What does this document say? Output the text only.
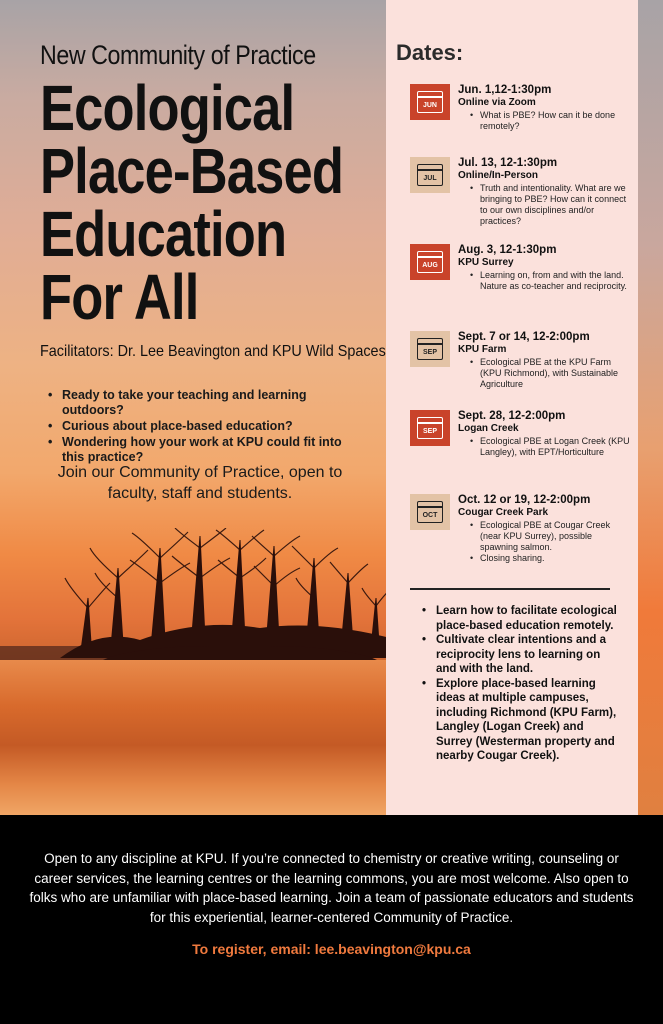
New Community of Practice
Ecological
Place-Based
Education
For All
Facilitators: Dr. Lee Beavington and KPU Wild Spaces
• Ready to take your teaching and learning outdoors?
• Curious about place-based education?
• Wondering how your work at KPU could fit into this practice?
Join our Community of Practice, open to faculty, staff and students.
Dates:
JUN
Jun. 1,12-1:30pm
Online via Zoom
• What is PBE? How can it be done remotely?
JUL
Jul. 13, 12-1:30pm
Online/In-Person
• Truth and intentionality. What are we bringing to PBE? How can it connect to our own disciplines and/or practices?
AUG
Aug. 3, 12-1:30pm
KPU Surrey
• Learning on, from and with the land. Nature as co-teacher and reciprocity.
SEP
Sept. 7 or 14, 12-2:00pm
KPU Farm
• Ecological PBE at the KPU Farm (KPU Richmond), with Sustainable Agriculture
SEP
Sept. 28, 12-2:00pm
Logan Creek
• Ecological PBE at Logan Creek (KPU Langley), with EPT/Horticulture
OCT
Oct. 12 or 19, 12-2:00pm
Cougar Creek Park
• Ecological PBE at Cougar Creek (near KPU Surrey), possible spawning salmon.
• Closing sharing.
• Learn how to facilitate ecological place-based education remotely.
• Cultivate clear intentions and a reciprocity lens to learning on and with the land.
• Explore place-based learning ideas at multiple campuses, including Richmond (KPU Farm), Langley (Logan Creek) and Surrey (Westerman property and nearby Cougar Creek).
Open to any discipline at KPU. If you’re connected to chemistry or creative writing, counseling or career services, the learning centres or the learning commons, you are most welcome. Also open to folks who are unfamiliar with place-based learning. Join a team of passionate educators and students for this experiential, learner-centered Community of Practice.
To register, email: lee.beavington@kpu.ca
